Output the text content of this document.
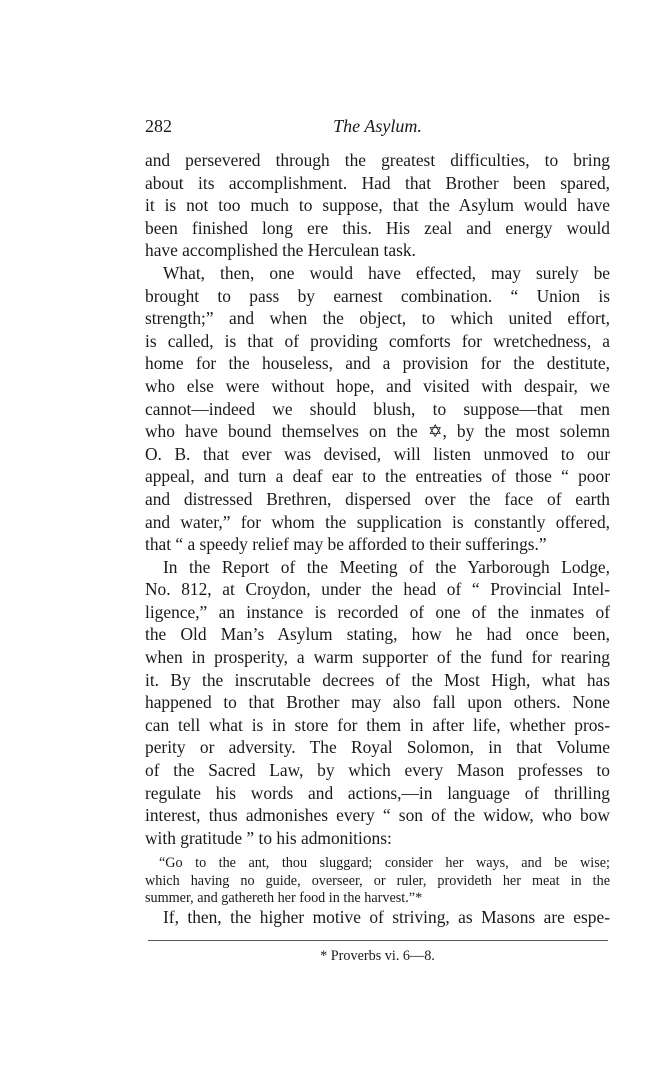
282	The Asylum.
and persevered through the greatest difficulties, to bring
about its accomplishment. Had that Brother been spared,
it is not too much to suppose, that the Asylum would have
been finished long ere this. His zeal and energy would
have accomplished the Herculean task.
What, then, one would have effected, may surely be
brought to pass by earnest combination. “ Union is
strength;” and when the object, to which united effort,
is called, is that of providing comforts for wretchedness, a
home for the houseless, and a provision for the destitute,
who else were without hope, and visited with despair, we
cannot—indeed we should blush, to suppose—that men
who have bound themselves on the ✡, by the most solemn
O. B. that ever was devised, will listen unmoved to our
appeal, and turn a deaf ear to the entreaties of those “ poor
and distressed Brethren, dispersed over the face of earth
and water,” for whom the supplication is constantly offered,
that “ a speedy relief may be afforded to their sufferings.”
In the Report of the Meeting of the Yarborough Lodge,
No. 812, at Croydon, under the head of “ Provincial Intel-
ligence,” an instance is recorded of one of the inmates of
the Old Man’s Asylum stating, how he had once been,
when in prosperity, a warm supporter of the fund for rearing
it. By the inscrutable decrees of the Most High, what has
happened to that Brother may also fall upon others. None
can tell what is in store for them in after life, whether pros-
perity or adversity. The Royal Solomon, in that Volume
of the Sacred Law, by which every Mason professes to
regulate his words and actions,—in language of thrilling
interest, thus admonishes every “ son of the widow, who bow
with gratitude ” to his admonitions:
“Go to the ant, thou sluggard; consider her ways, and be wise;
which having no guide, overseer, or ruler, provideth her meat in the
summer, and gathereth her food in the harvest.”*
If, then, the higher motive of striving, as Masons are espe-
* Proverbs vi. 6—8.
